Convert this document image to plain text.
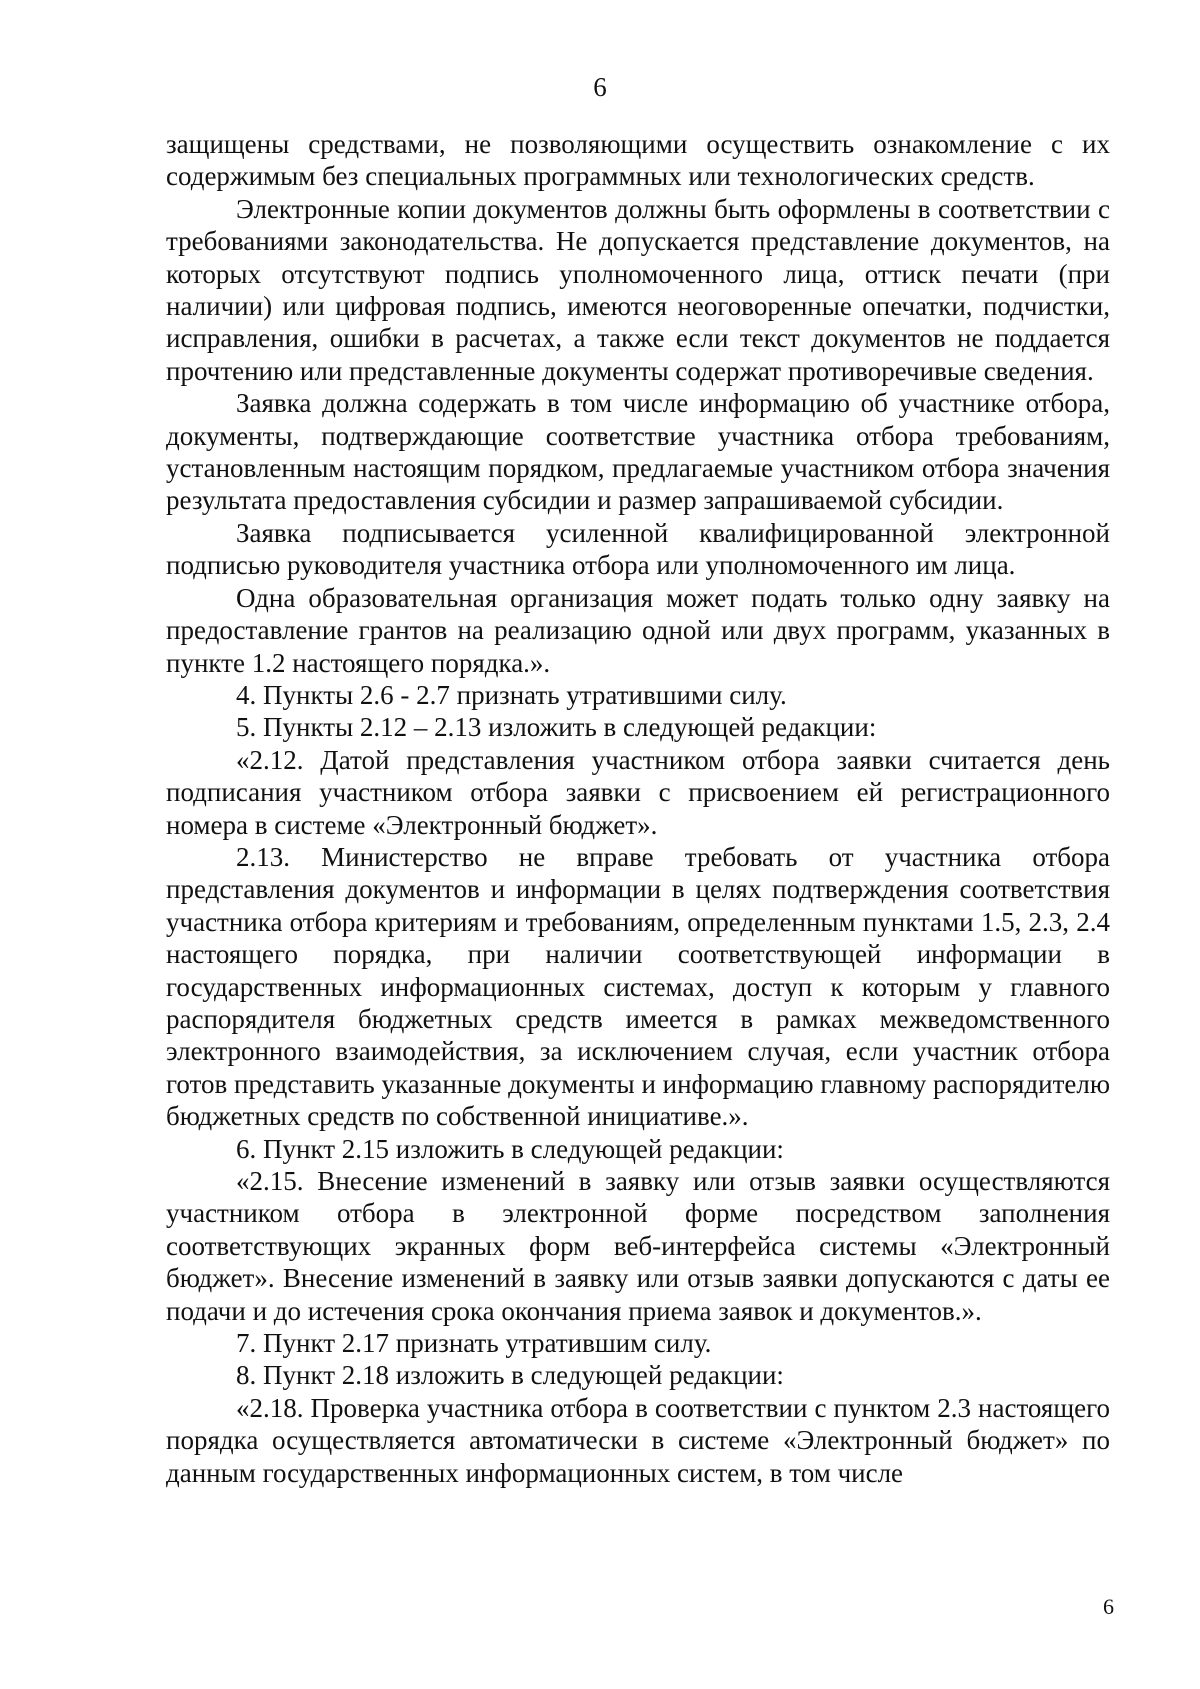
6

защищены средствами, не позволяющими осуществить ознакомление с их содержимым без специальных программных или технологических средств.

Электронные копии документов должны быть оформлены в соответствии с требованиями законодательства. Не допускается представление документов, на которых отсутствуют подпись уполномоченного лица, оттиск печати (при наличии) или цифровая подпись, имеются неоговоренные опечатки, подчистки, исправления, ошибки в расчетах, а также если текст документов не поддается прочтению или представленные документы содержат противоречивые сведения.

Заявка должна содержать в том числе информацию об участнике отбора, документы, подтверждающие соответствие участника отбора требованиям, установленным настоящим порядком, предлагаемые участником отбора значения результата предоставления субсидии и размер запрашиваемой субсидии.

Заявка подписывается усиленной квалифицированной электронной подписью руководителя участника отбора или уполномоченного им лица.

Одна образовательная организация может подать только одну заявку на предоставление грантов на реализацию одной или двух программ, указанных в пункте 1.2 настоящего порядка.».

4. Пункты 2.6 - 2.7 признать утратившими силу.

5. Пункты 2.12 – 2.13 изложить в следующей редакции:

«2.12. Датой представления участником отбора заявки считается день подписания участником отбора заявки с присвоением ей регистрационного номера в системе «Электронный бюджет».

2.13. Министерство не вправе требовать от участника отбора представления документов и информации в целях подтверждения соответствия участника отбора критериям и требованиям, определенным пунктами 1.5, 2.3, 2.4 настоящего порядка, при наличии соответствующей информации в государственных информационных системах, доступ к которым у главного распорядителя бюджетных средств имеется в рамках межведомственного электронного взаимодействия, за исключением случая, если участник отбора готов представить указанные документы и информацию главному распорядителю бюджетных средств по собственной инициативе.».

6. Пункт 2.15 изложить в следующей редакции:

«2.15. Внесение изменений в заявку или отзыв заявки осуществляются участником отбора в электронной форме посредством заполнения соответствующих экранных форм веб-интерфейса системы «Электронный бюджет». Внесение изменений в заявку или отзыв заявки допускаются с даты ее подачи и до истечения срока окончания приема заявок и документов.».

7. Пункт 2.17 признать утратившим силу.

8. Пункт 2.18 изложить в следующей редакции:

«2.18. Проверка участника отбора в соответствии с пунктом 2.3 настоящего порядка осуществляется автоматически в системе «Электронный бюджет» по данным государственных информационных систем, в том числе

6
